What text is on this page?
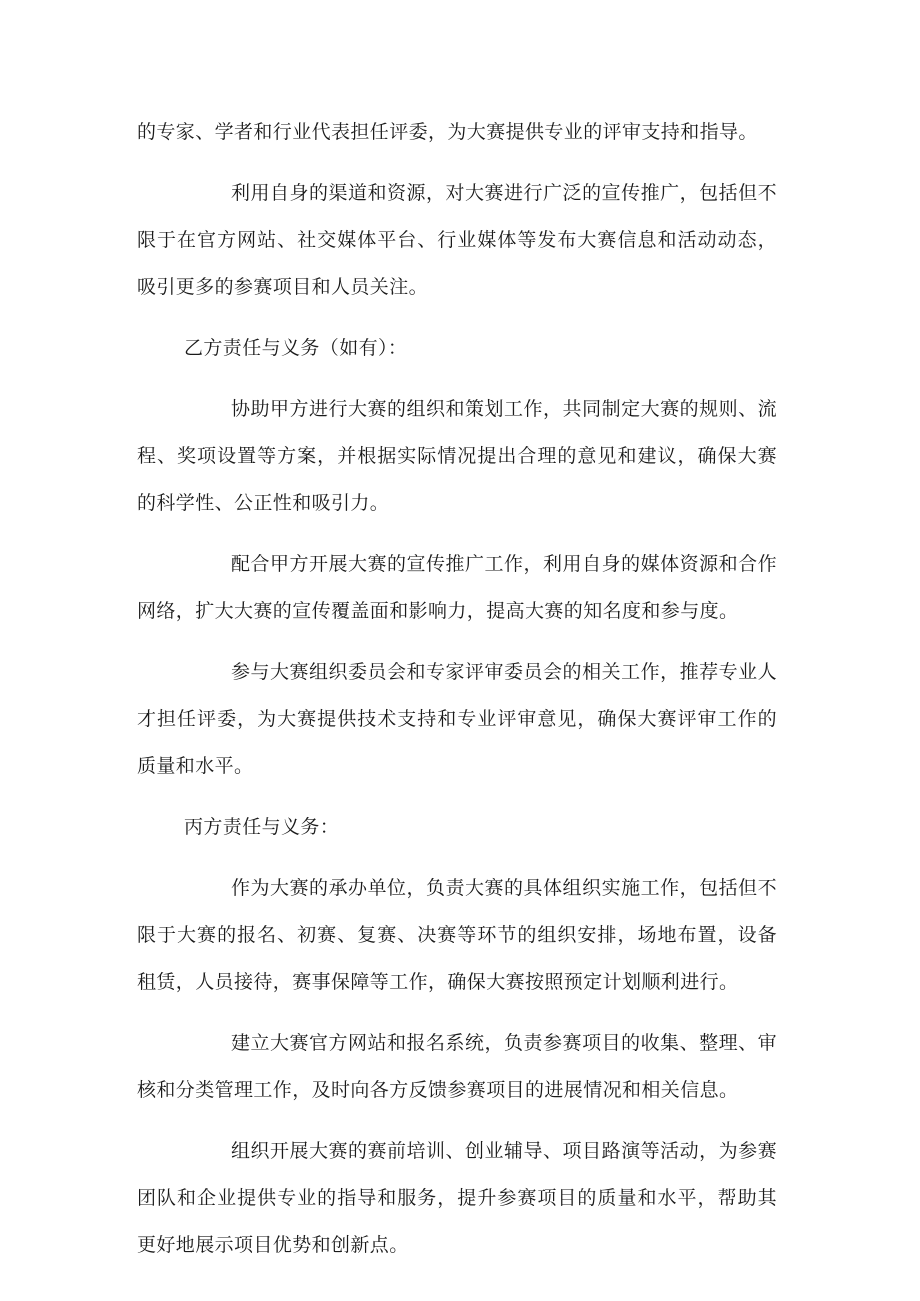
的专家、学者和行业代表担任评委，为大赛提供专业的评审支持和指导。

利用自身的渠道和资源，对大赛进行广泛的宣传推广，包括但不限于在官方网站、社交媒体平台、行业媒体等发布大赛信息和活动动态，吸引更多的参赛项目和人员关注。

乙方责任与义务（如有）：

协助甲方进行大赛的组织和策划工作，共同制定大赛的规则、流程、奖项设置等方案，并根据实际情况提出合理的意见和建议，确保大赛的科学性、公正性和吸引力。

配合甲方开展大赛的宣传推广工作，利用自身的媒体资源和合作网络，扩大大赛的宣传覆盖面和影响力，提高大赛的知名度和参与度。

参与大赛组织委员会和专家评审委员会的相关工作，推荐专业人才担任评委，为大赛提供技术支持和专业评审意见，确保大赛评审工作的质量和水平。

丙方责任与义务：

作为大赛的承办单位，负责大赛的具体组织实施工作，包括但不限于大赛的报名、初赛、复赛、决赛等环节的组织安排，场地布置，设备租赁，人员接待，赛事保障等工作，确保大赛按照预定计划顺利进行。

建立大赛官方网站和报名系统，负责参赛项目的收集、整理、审核和分类管理工作，及时向各方反馈参赛项目的进展情况和相关信息。

组织开展大赛的赛前培训、创业辅导、项目路演等活动，为参赛团队和企业提供专业的指导和服务，提升参赛项目的质量和水平，帮助其更好地展示项目优势和创新点。
